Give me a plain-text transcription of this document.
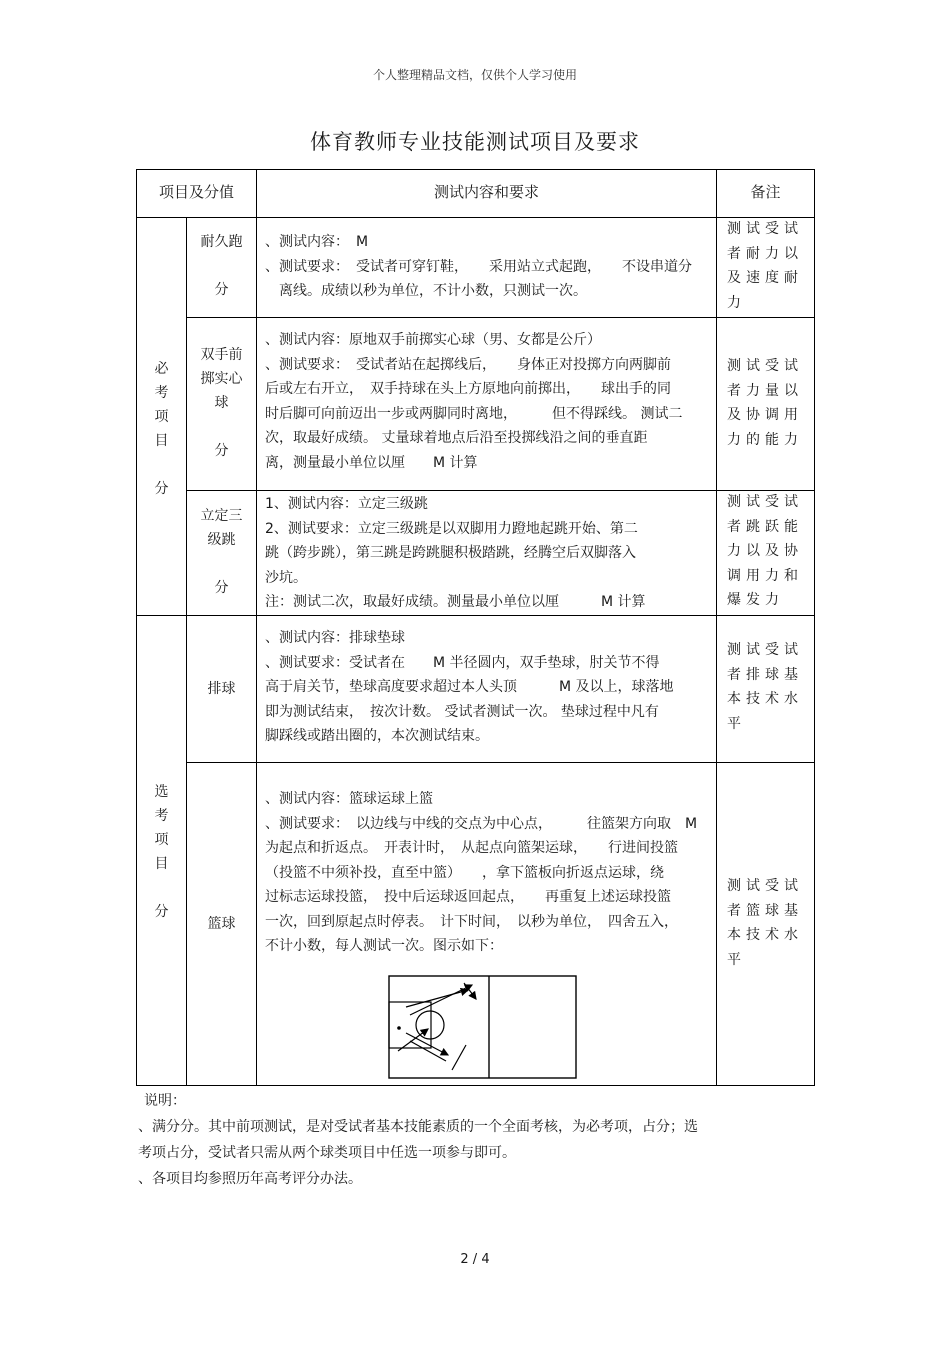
个人整理精品文档，仅供个人学习使用
体育教师专业技能测试项目及要求
项目及分值	测试内容和要求	备注
必
考
项
目
分
选
考
项
目
分
耐久跑
分
、测试内容：　M
、测试要求：　受试者可穿钉鞋，　　采用站立式起跑，　　不设串道分
　离线。成绩以秒为单位，不计小数，只测试一次。
测试受试
者耐力以
及速度耐
力
双手前
掷实心
球
分
、测试内容：原地双手前掷实心球（男、女都是公斤）
、测试要求：　受试者站在起掷线后，　　身体正对投掷方向两脚前
后或左右开立，　双手持球在头上方原地向前掷出，　　球出手的同
时后脚可向前迈出一步或两脚同时离地，　　　但不得踩线。 测试二
次，取最好成绩。 丈量球着地点后沿至投掷线沿之间的垂直距
离，测量最小单位以厘　　M 计算
测试受试
者力量以
及协调用
力的能力
立定三
级跳
分
1、测试内容：立定三级跳
2、测试要求：立定三级跳是以双脚用力蹬地起跳开始、第二
跳（跨步跳），第三跳是跨跳腿积极踏跳，经腾空后双脚落入
沙坑。
注：测试二次，取最好成绩。测量最小单位以厘　　　M 计算
测试受试
者跳跃能
力以及协
调用力和
爆发力
排球
、测试内容：排球垫球
、测试要求：受试者在　　M 半径圆内，双手垫球，肘关节不得
高于肩关节，垫球高度要求超过本人头顶　　　M 及以上，球落地
即为测试结束，　按次计数。 受试者测试一次。 垫球过程中凡有
脚踩线或踏出圈的，本次测试结束。
测试受试
者排球基
本技术水
平
篮球
、测试内容：篮球运球上篮
、测试要求：　以边线与中线的交点为中心点，　　　往篮架方向取　M
为起点和折返点。　开表计时，　从起点向篮架运球，　　行进间投篮
（投篮不中须补投，直至中篮）　　，拿下篮板向折返点运球，绕
过标志运球投篮，　投中后运球返回起点，　　再重复上述运球投篮
一次，回到原起点时停表。　计下时间，　以秒为单位，　四舍五入，
不计小数，每人测试一次。图示如下：
测试受试
者篮球基
本技术水
平
说明：
、满分分。其中前项测试，是对受试者基本技能素质的一个全面考核，为必考项，占分；选
考项占分，受试者只需从两个球类项目中任选一项参与即可。
、各项目均参照历年高考评分办法。
2 / 4
